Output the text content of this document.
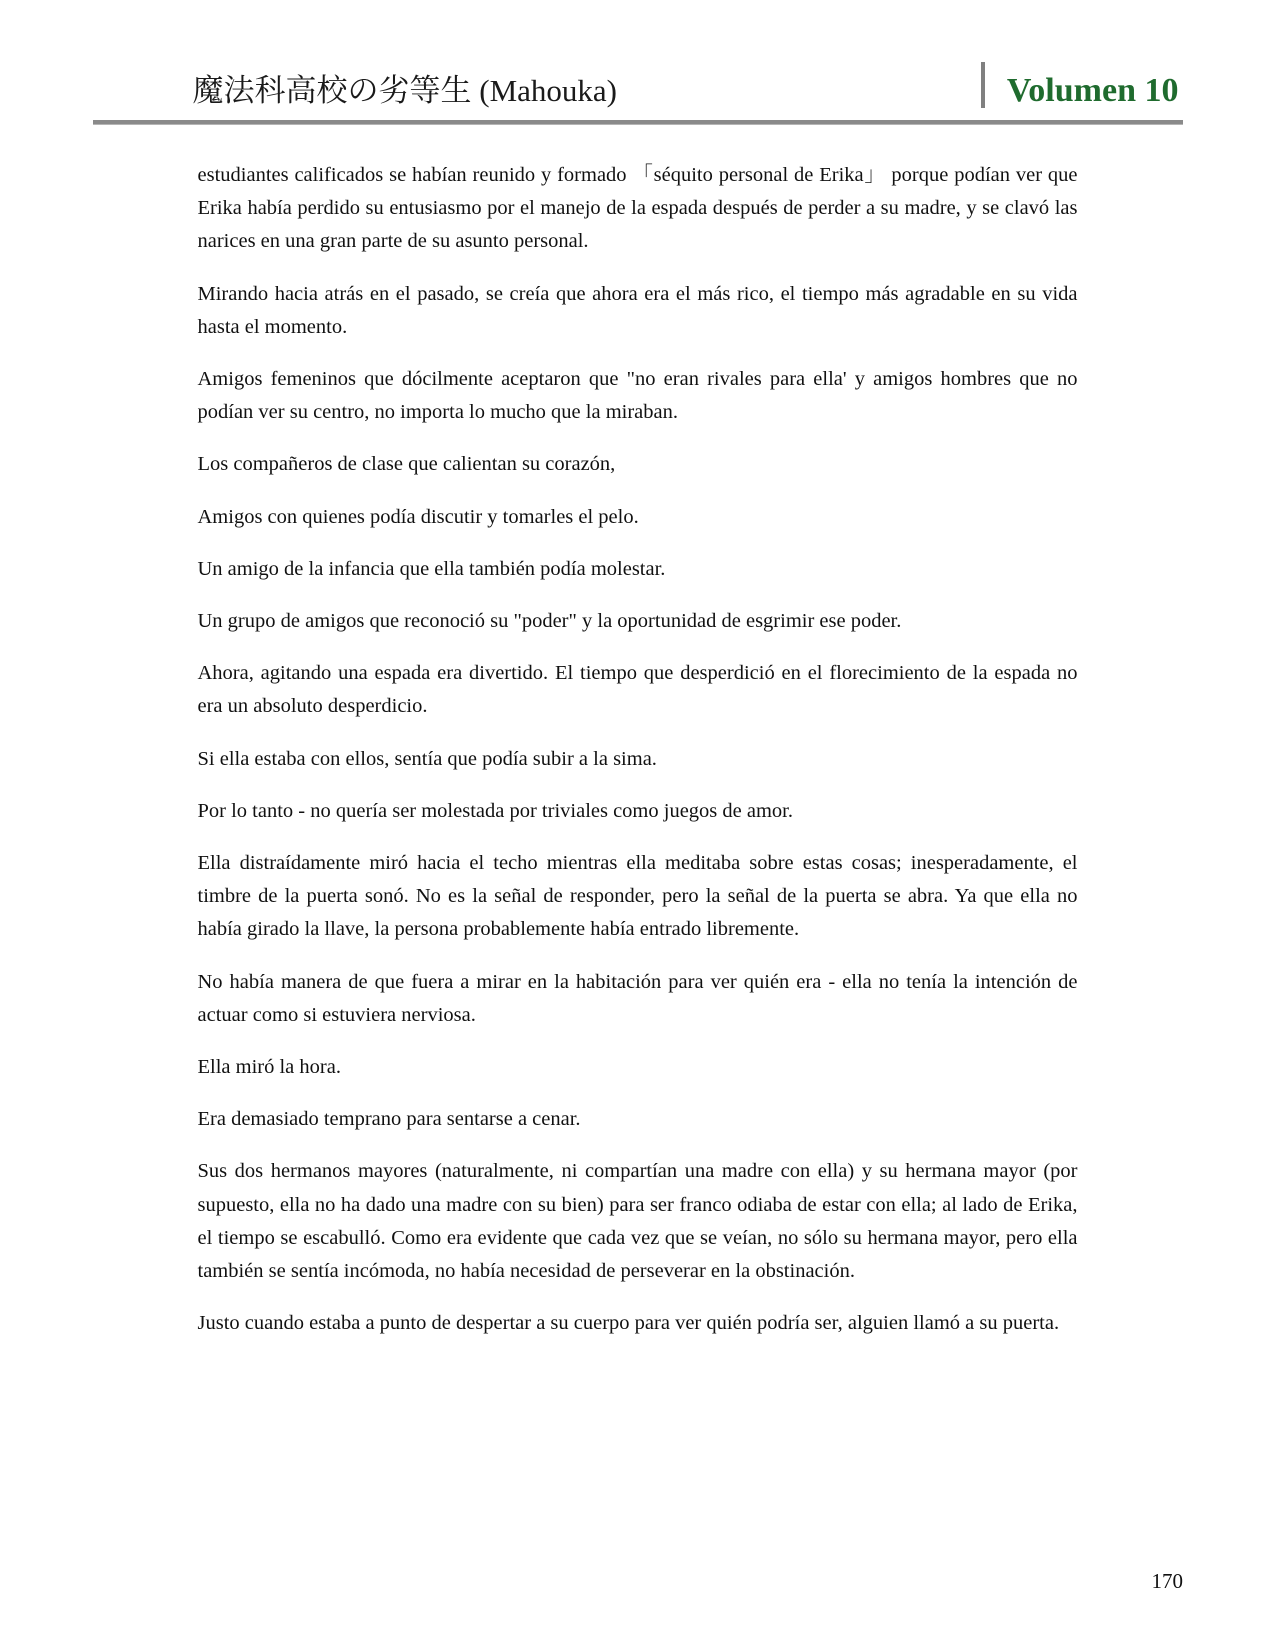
魔法科高校の劣等生 (Mahouka)	Volumen 10

estudiantes calificados se habían reunido y formado 「séquito personal de Erika」 porque podían ver que Erika había perdido su entusiasmo por el manejo de la espada después de perder a su madre, y se clavó las narices en una gran parte de su asunto personal.

Mirando hacia atrás en el pasado, se creía que ahora era el más rico, el tiempo más agradable en su vida hasta el momento.

Amigos femeninos que dócilmente aceptaron que "no eran rivales para ella' y amigos hombres que no podían ver su centro, no importa lo mucho que la miraban.

Los compañeros de clase que calientan su corazón,

Amigos con quienes podía discutir y tomarles el pelo.

Un amigo de la infancia que ella también podía molestar.

Un grupo de amigos que reconoció su "poder" y la oportunidad de esgrimir ese poder.

Ahora, agitando una espada era divertido. El tiempo que desperdició en el florecimiento de la espada no era un absoluto desperdicio.

Si ella estaba con ellos, sentía que podía subir a la sima.

Por lo tanto - no quería ser molestada por triviales como juegos de amor.

Ella distraídamente miró hacia el techo mientras ella meditaba sobre estas cosas; inesperadamente, el timbre de la puerta sonó. No es la señal de responder, pero la señal de la puerta se abra. Ya que ella no había girado la llave, la persona probablemente había entrado libremente.

No había manera de que fuera a mirar en la habitación para ver quién era - ella no tenía la intención de actuar como si estuviera nerviosa.

Ella miró la hora.

Era demasiado temprano para sentarse a cenar.

Sus dos hermanos mayores (naturalmente, ni compartían una madre con ella) y su hermana mayor (por supuesto, ella no ha dado una madre con su bien) para ser franco odiaba de estar con ella; al lado de Erika, el tiempo se escabulló. Como era evidente que cada vez que se veían, no sólo su hermana mayor, pero ella también se sentía incómoda, no había necesidad de perseverar en la obstinación.

Justo cuando estaba a punto de despertar a su cuerpo para ver quién podría ser, alguien llamó a su puerta.

170
